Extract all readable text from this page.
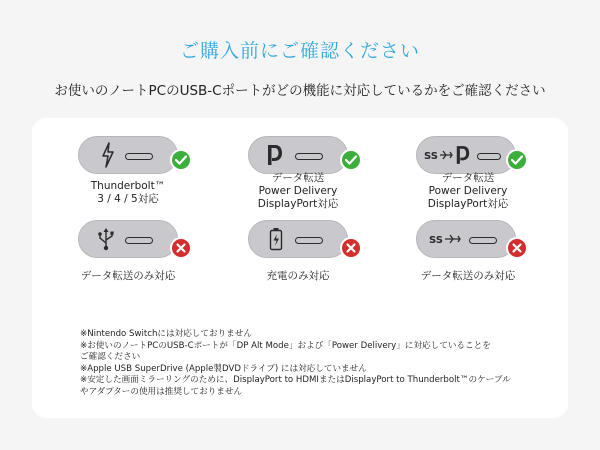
ご購入前にご確認ください
お使いのノートPCのUSB-Cポートがどの機能に対応しているかをご確認ください
Thunderbolt™
3 / 4 / 5対応
データ転送
Power Delivery
DisplayPort対応
SS
データ転送
Power Delivery
DisplayPort対応
データ転送のみ対応	充電のみ対応
SS
データ転送のみ対応
※Nintendo Switchには対応しておりません
※お使いのノートPCのUSB-Cポートが「DP Alt Mode」および「Power Delivery」に対応していることを
ご確認ください
※Apple USB SuperDrive (Apple製DVDドライブ) には対応していません
※安定した画面ミラーリングのために、DisplayPort to HDMIまたはDisplayPort to Thunderbolt™のケーブル
やアダプターの使用は推奨しておりません
